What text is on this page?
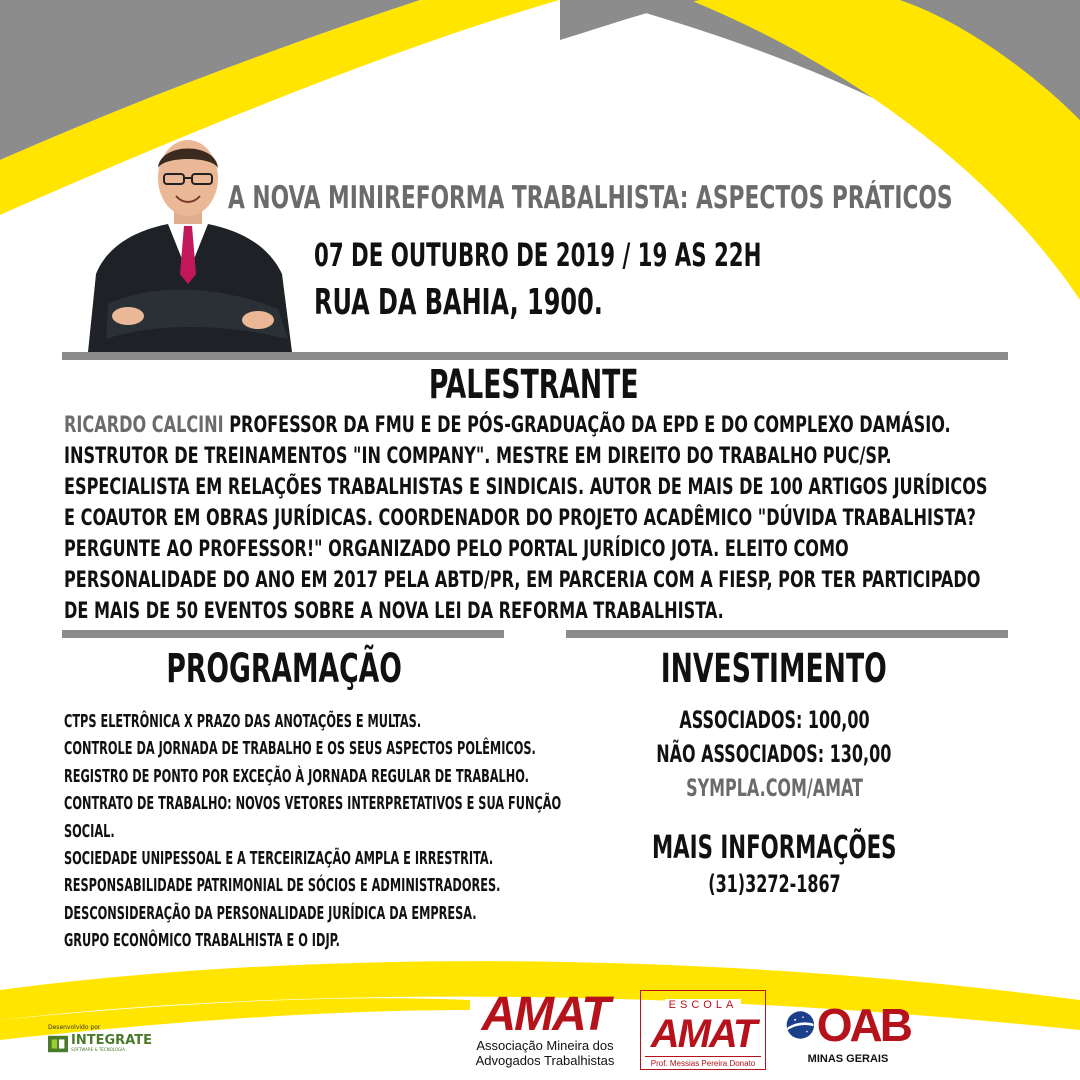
A NOVA MINIREFORMA TRABALHISTA: ASPECTOS PRÁTICOS
07 DE OUTUBRO DE 2019 / 19 AS 22H
RUA DA BAHIA, 1900.
PALESTRANTE
RICARDO CALCINI PROFESSOR DA FMU E DE PÓS-GRADUAÇÃO DA EPD E DO COMPLEXO DAMÁSIO. INSTRUTOR DE TREINAMENTOS "IN COMPANY". MESTRE EM DIREITO DO TRABALHO PUC/SP. ESPECIALISTA EM RELAÇÕES TRABALHISTAS E SINDICAIS. AUTOR DE MAIS DE 100 ARTIGOS JURÍDICOS E COAUTOR EM OBRAS JURÍDICAS. COORDENADOR DO PROJETO ACADÊMICO "DÚVIDA TRABALHISTA? PERGUNTE AO PROFESSOR!" ORGANIZADO PELO PORTAL JURÍDICO JOTA. ELEITO COMO PERSONALIDADE DO ANO EM 2017 PELA ABTD/PR, EM PARCERIA COM A FIESP, POR TER PARTICIPADO DE MAIS DE 50 EVENTOS SOBRE A NOVA LEI DA REFORMA TRABALHISTA.
PROGRAMAÇÃO
CTPS ELETRÔNICA X PRAZO DAS ANOTAÇÕES E MULTAS.
CONTROLE DA JORNADA DE TRABALHO E OS SEUS ASPECTOS POLÊMICOS.
REGISTRO DE PONTO POR EXCEÇÃO À JORNADA REGULAR DE TRABALHO.
CONTRATO DE TRABALHO: NOVOS VETORES INTERPRETATIVOS E SUA FUNÇÃO
SOCIAL.
SOCIEDADE UNIPESSOAL E A TERCEIRIZAÇÃO AMPLA E IRRESTRITA.
RESPONSABILIDADE PATRIMONIAL DE SÓCIOS E ADMINISTRADORES.
DESCONSIDERAÇÃO DA PERSONALIDADE JURÍDICA DA EMPRESA.
GRUPO ECONÔMICO TRABALHISTA E O IDJP.
INVESTIMENTO
ASSOCIADOS: 100,00
NÃO ASSOCIADOS: 130,00
SYMPLA.COM/AMAT
MAIS INFORMAÇÕES
(31)3272-1867
Desenvolvido por
INTEGRATE
SOFTWARE & TECNOLOGIA
AMAT
Associação Mineira dos
Advogados Trabalhistas
ESCOLA
AMAT
Prof. Messias Pereira Donato
OAB
MINAS GERAIS
